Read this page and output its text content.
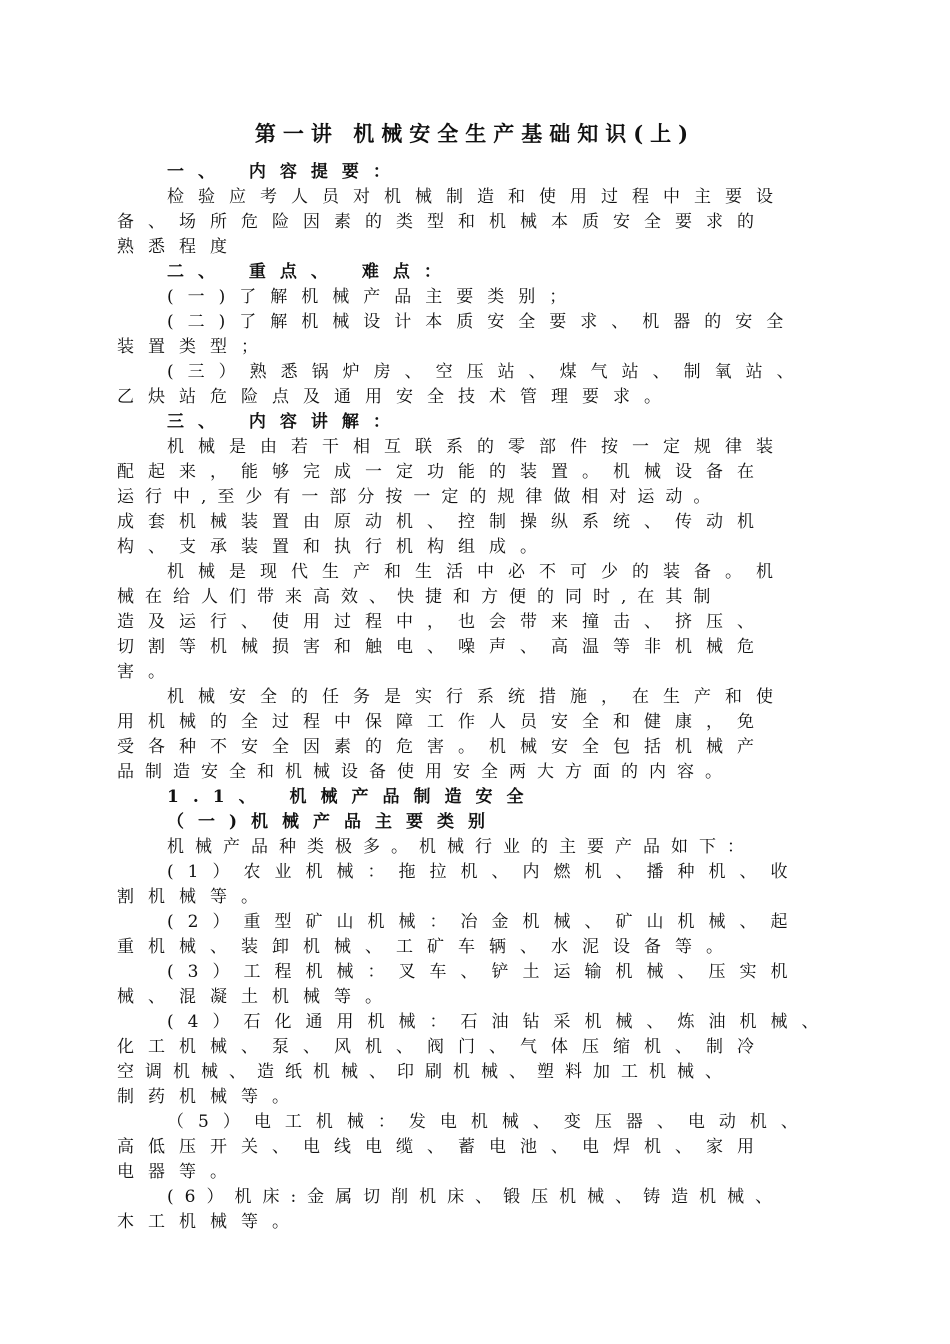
第一讲 机械安全生产基础知识(上)
一、 内容提要：
检验应考人员对机械制造和使用过程中主要设
备、场所危险因素的类型和机械本质安全要求的
熟悉程度
二、 重点、 难点：
(一)了解机械产品主要类别；
(二)了解机械设计本质安全要求、机器的安全
装置类型；
(三）熟悉锅炉房、空压站、煤气站、制氧站、
乙炔站危险点及通用安全技术管理要求。
三、 内容讲解：
机械是由若干相互联系的零部件按一定规律装
配起来，能够完成一定功能的装置。机械设备在
运行中,至少有一部分按一定的规律做相对运动。
成套机械装置由原动机、控制操纵系统、传动机
构、支承装置和执行机构组成。
机械是现代生产和生活中必不可少的装备。机
械在给人们带来高效、快捷和方便的同时,在其制
造及运行、使用过程中，也会带来撞击、挤压、
切割等机械损害和触电、噪声、高温等非机械危
害。
机械安全的任务是实行系统措施，在生产和使
用机械的全过程中保障工作人员安全和健康，免
受各种不安全因素的危害。机械安全包括机械产
品制造安全和机械设备使用安全两大方面的内容。
1.1、 机械产品制造安全
（一)机械产品主要类别
机械产品种类极多。机械行业的主要产品如下：
(1）农业机械：拖拉机、内燃机、播种机、收
割机械等。
(2）重型矿山机械：冶金机械、矿山机械、起
重机械、装卸机械、工矿车辆、水泥设备等。
(3）工程机械：叉车、铲土运输机械、压实机
械、混凝土机械等。
(4）石化通用机械：石油钻采机械、炼油机械、
化工机械、泵、风机、阀门、气体压缩机、制冷
空调机械、造纸机械、印刷机械、塑料加工机械、
制药机械等。
（5）电工机械：发电机械、变压器、电动机、
高低压开关、电线电缆、蓄电池、电焊机、家用
电器等。
(6）机床:金属切削机床、锻压机械、铸造机械、
木工机械等。
